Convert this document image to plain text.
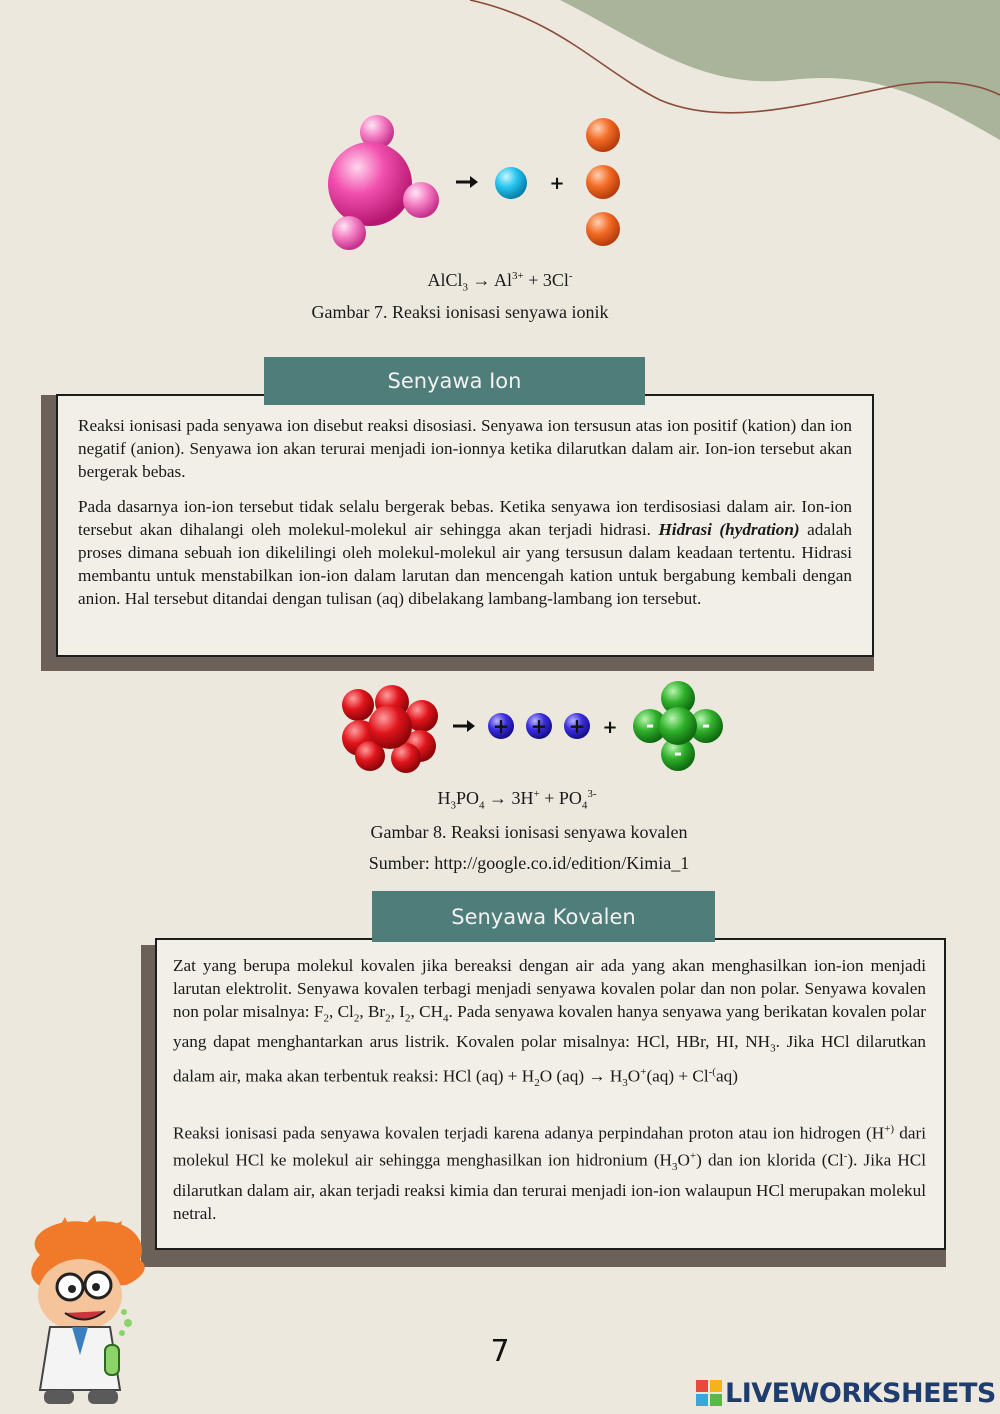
+
AlCl$_3$ → $Al^{3+} + 3Cl^-$
Gambar 7. Reaksi ionisasi senyawa ionik

Reaksi ionisasi pada senyawa ion disebut reaksi disosiasi. Senyawa ion tersusun atas ion positif (kation) dan ion negatif (anion). Senyawa ion akan terurai menjadi ion-ionnya ketika dilarutkan dalam air. Ion-ion tersebut akan bergerak bebas.

Pada dasarnya ion-ion tersebut tidak selalu bergerak bebas. Ketika senyawa ion terdisosiasi dalam air. Ion-ion tersebut akan dihalangi oleh molekul-molekul air sehingga akan terjadi hidrasi. Hidrasi (hydration) adalah proses dimana sebuah ion dikelilingi oleh molekul-molekul air yang tersusun dalam keadaan tertentu. Hidrasi membantu untuk menstabilkan ion-ion dalam larutan dan mencengah kation untuk bergabung kembali dengan anion. Hal tersebut ditandai dengan tulisan (aq) dibelakang lambang-lambang ion tersebut.

Senyawa Ion
+ + + + - -
-
$H_3PO_4 \to 3H^+ + PO_4^{3-}$
Gambar 8. Reaksi ionisasi senyawa kovalen
Sumber: http://google.co.id/edition/Kimia_1

Zat yang berupa molekul kovalen jika bereaksi dengan air ada yang akan menghasilkan ion-ion menjadi larutan elektrolit. Senyawa kovalen terbagi menjadi senyawa kovalen polar dan non polar. Senyawa kovalen non polar misalnya: $F_2$, $Cl_2$, $Br_2$, $I_2$, $CH_4$. Pada senyawa kovalen hanya senyawa yang berikatan kovalen polar yang dapat menghantarkan arus listrik. Kovalen polar misalnya: HCl, HBr, HI, $NH_3$. Jika HCl dilarutkan dalam air, maka akan terbentuk reaksi: HCl $(aq) + H_2O$ $(aq) \to H_3O^+(aq) + Cl^{-(}aq$)

Reaksi ionisasi pada senyawa kovalen terjadi karena adanya perpindahan proton atau ion hidrogen (H+) dari molekul HCl ke molekul air sehingga menghasilkan ion hidronium $(H_3O^+)$ dan ion klorida (Cl-). Jika HCl dilarutkan dalam air, akan terjadi reaksi kimia dan terurai menjadi ion-ion walaupun HCl merupakan molekul netral.

Senyawa Kovalen
7
LIVEWORKSHEETS
